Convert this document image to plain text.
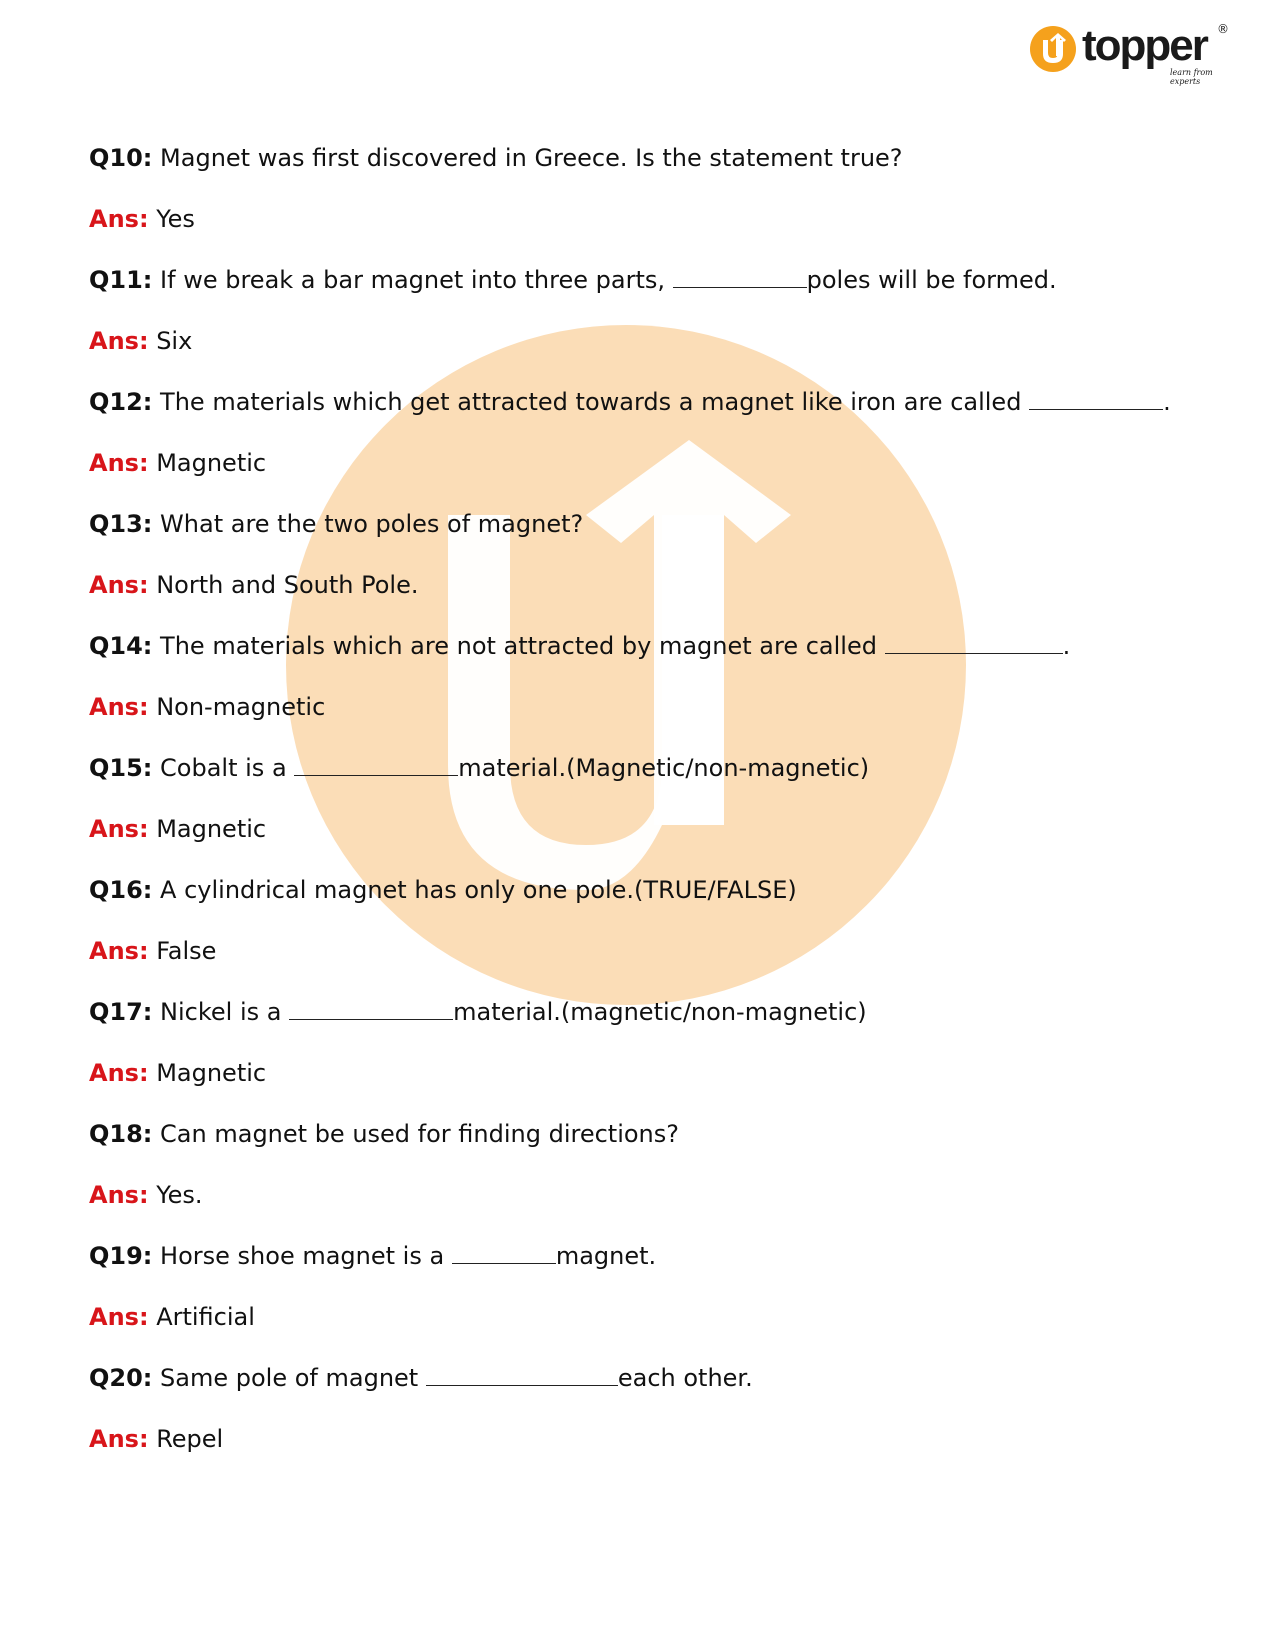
topper ®
learn from experts
Q10: Magnet was first discovered in Greece. Is the statement true?
Ans: Yes
Q11: If we break a bar magnet into three parts,	poles will be formed.
Ans: Six
Q12: The materials which get attracted towards a magnet like iron are called	.
Ans: Magnetic
Q13: What are the two poles of magnet?
Ans: North and South Pole.
Q14: The materials which are not attracted by magnet are called	.
Ans: Non-magnetic
Q15: Cobalt is a	material.(Magnetic/non-magnetic)
Ans: Magnetic
Q16: A cylindrical magnet has only one pole.(TRUE/FALSE)
Ans: False
Q17: Nickel is a	material.(magnetic/non-magnetic)
Ans: Magnetic
Q18: Can magnet be used for finding directions?
Ans: Yes.
Q19: Horse shoe magnet is a	magnet.
Ans: Artificial
Q20: Same pole of magnet	each other.
Ans: Repel
